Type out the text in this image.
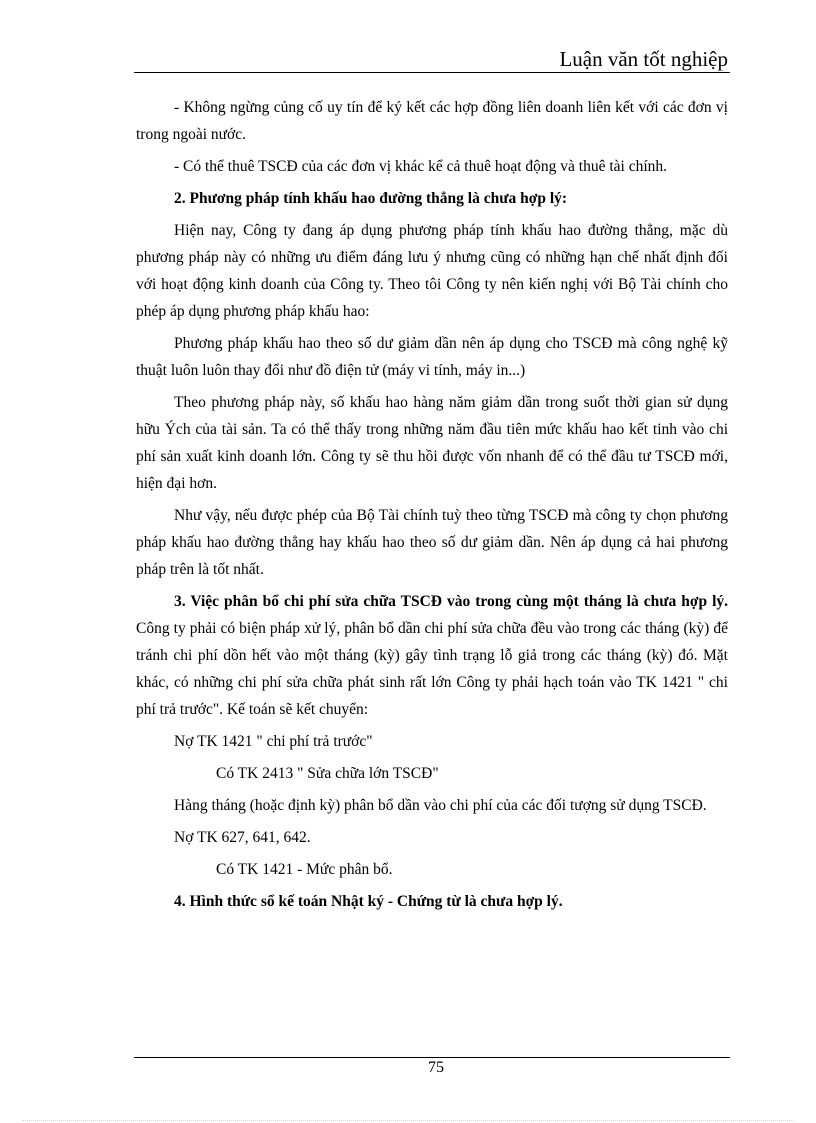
Luận văn tốt nghiệp

- Không ngừng củng cố uy tín để ký kết các hợp đồng liên doanh liên kết với các đơn vị trong ngoài nước.

- Có thể thuê TSCĐ của các đơn vị khác kể cả thuê hoạt động và thuê tài chính.

2. Phương pháp tính khấu hao đường thẳng là chưa hợp lý:

Hiện nay, Công ty đang áp dụng phương pháp tính khấu hao đường thẳng, mặc dù phương pháp này có những ưu điểm đáng lưu ý nhưng cũng có những hạn chế nhất định đối với hoạt động kinh doanh của Công ty. Theo tôi Công ty nên kiến nghị với Bộ Tài chính cho phép áp dụng phương pháp khấu hao:

Phương pháp khấu hao theo số dư giảm dần nên áp dụng cho TSCĐ mà công nghệ kỹ thuật luôn luôn thay đổi như đồ điện tử (máy vi tính, máy in...)

Theo phương pháp này, số khấu hao hàng năm giảm dần trong suốt thời gian sử dụng hữu Ých của tài sản. Ta có thể thấy trong những năm đầu tiên mức khấu hao kết tinh vào chi phí sản xuất kinh doanh lớn. Công ty sẽ thu hồi được vốn nhanh để có thể đầu tư TSCĐ mới, hiện đại hơn.

Như vậy, nếu được phép của Bộ Tài chính tuỳ theo từng TSCĐ mà công ty chọn phương pháp khấu hao đường thẳng hay khấu hao theo số dư giảm dần. Nên áp dụng cả hai phương pháp trên là tốt nhất.

3. Việc phân bổ chi phí sửa chữa TSCĐ vào trong cùng một tháng là chưa hợp lý. Công ty phải có biện pháp xử lý, phân bổ dần chi phí sửa chữa đều vào trong các tháng (kỳ) để tránh chi phí dồn hết vào một tháng (kỳ) gây tình trạng lỗ giả trong các tháng (kỳ) đó. Mặt khác, có những chi phí sửa chữa phát sinh rất lớn Công ty phải hạch toán vào TK 1421 " chi phí trả trước". Kế toán sẽ kết chuyển:

Nợ TK 1421 " chi phí trả trước"

Có TK 2413 " Sửa chữa lớn TSCĐ"

Hàng tháng (hoặc định kỳ) phân bổ dần vào chi phí của các đối tượng sử dụng TSCĐ.

Nợ TK 627, 641, 642.

Có TK 1421 - Mức phân bổ.

4. Hình thức sổ kế toán Nhật ký - Chứng từ là chưa hợp lý.

75
